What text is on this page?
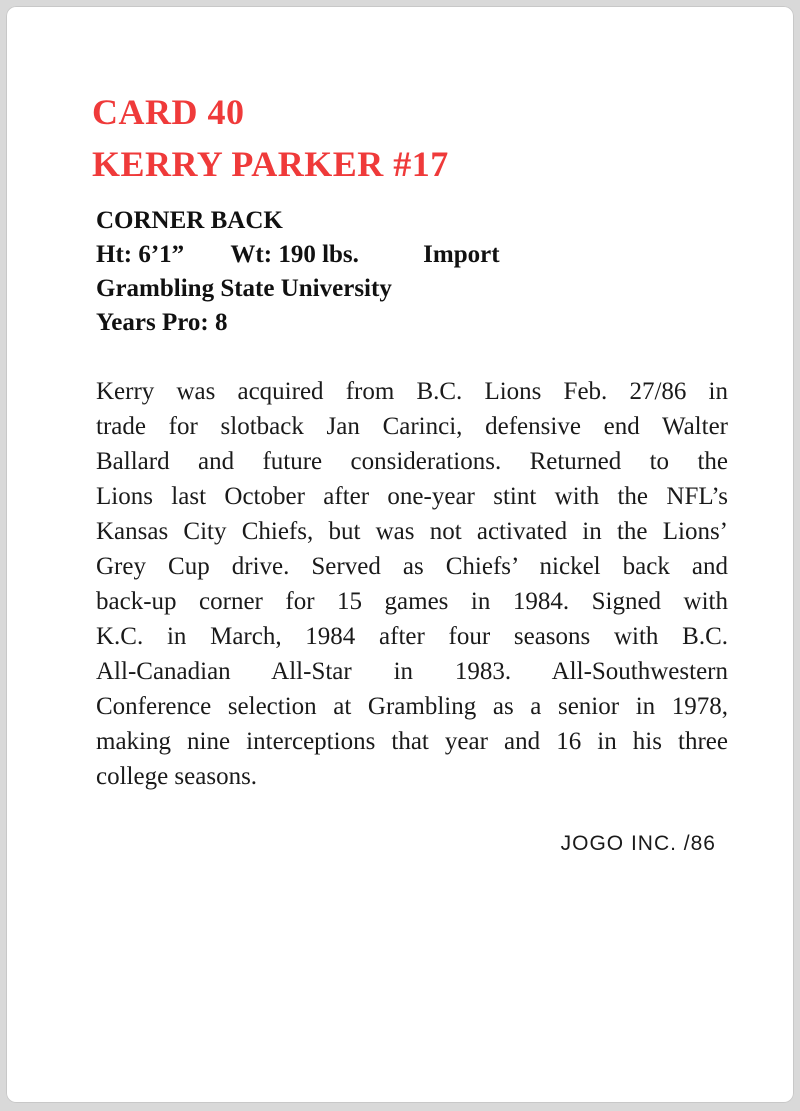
CARD 40
KERRY PARKER #17
CORNER BACK
Ht: 6’1” Wt: 190 lbs.	Import
Grambling State University
Years Pro: 8
Kerry was acquired from B.C. Lions Feb. 27/86 in
trade for slotback Jan Carinci, defensive end Walter
Ballard and future considerations. Returned to the
Lions last October after one-year stint with the NFL’s
Kansas City Chiefs, but was not activated in the Lions’
Grey Cup drive. Served as Chiefs’ nickel back and
back-up corner for 15 games in 1984. Signed with
K.C. in March, 1984 after four seasons with B.C.
All-Canadian All-Star in 1983. All-Southwestern
Conference selection at Grambling as a senior in 1978,
making nine interceptions that year and 16 in his three
college seasons.
JOGO INC. /86
